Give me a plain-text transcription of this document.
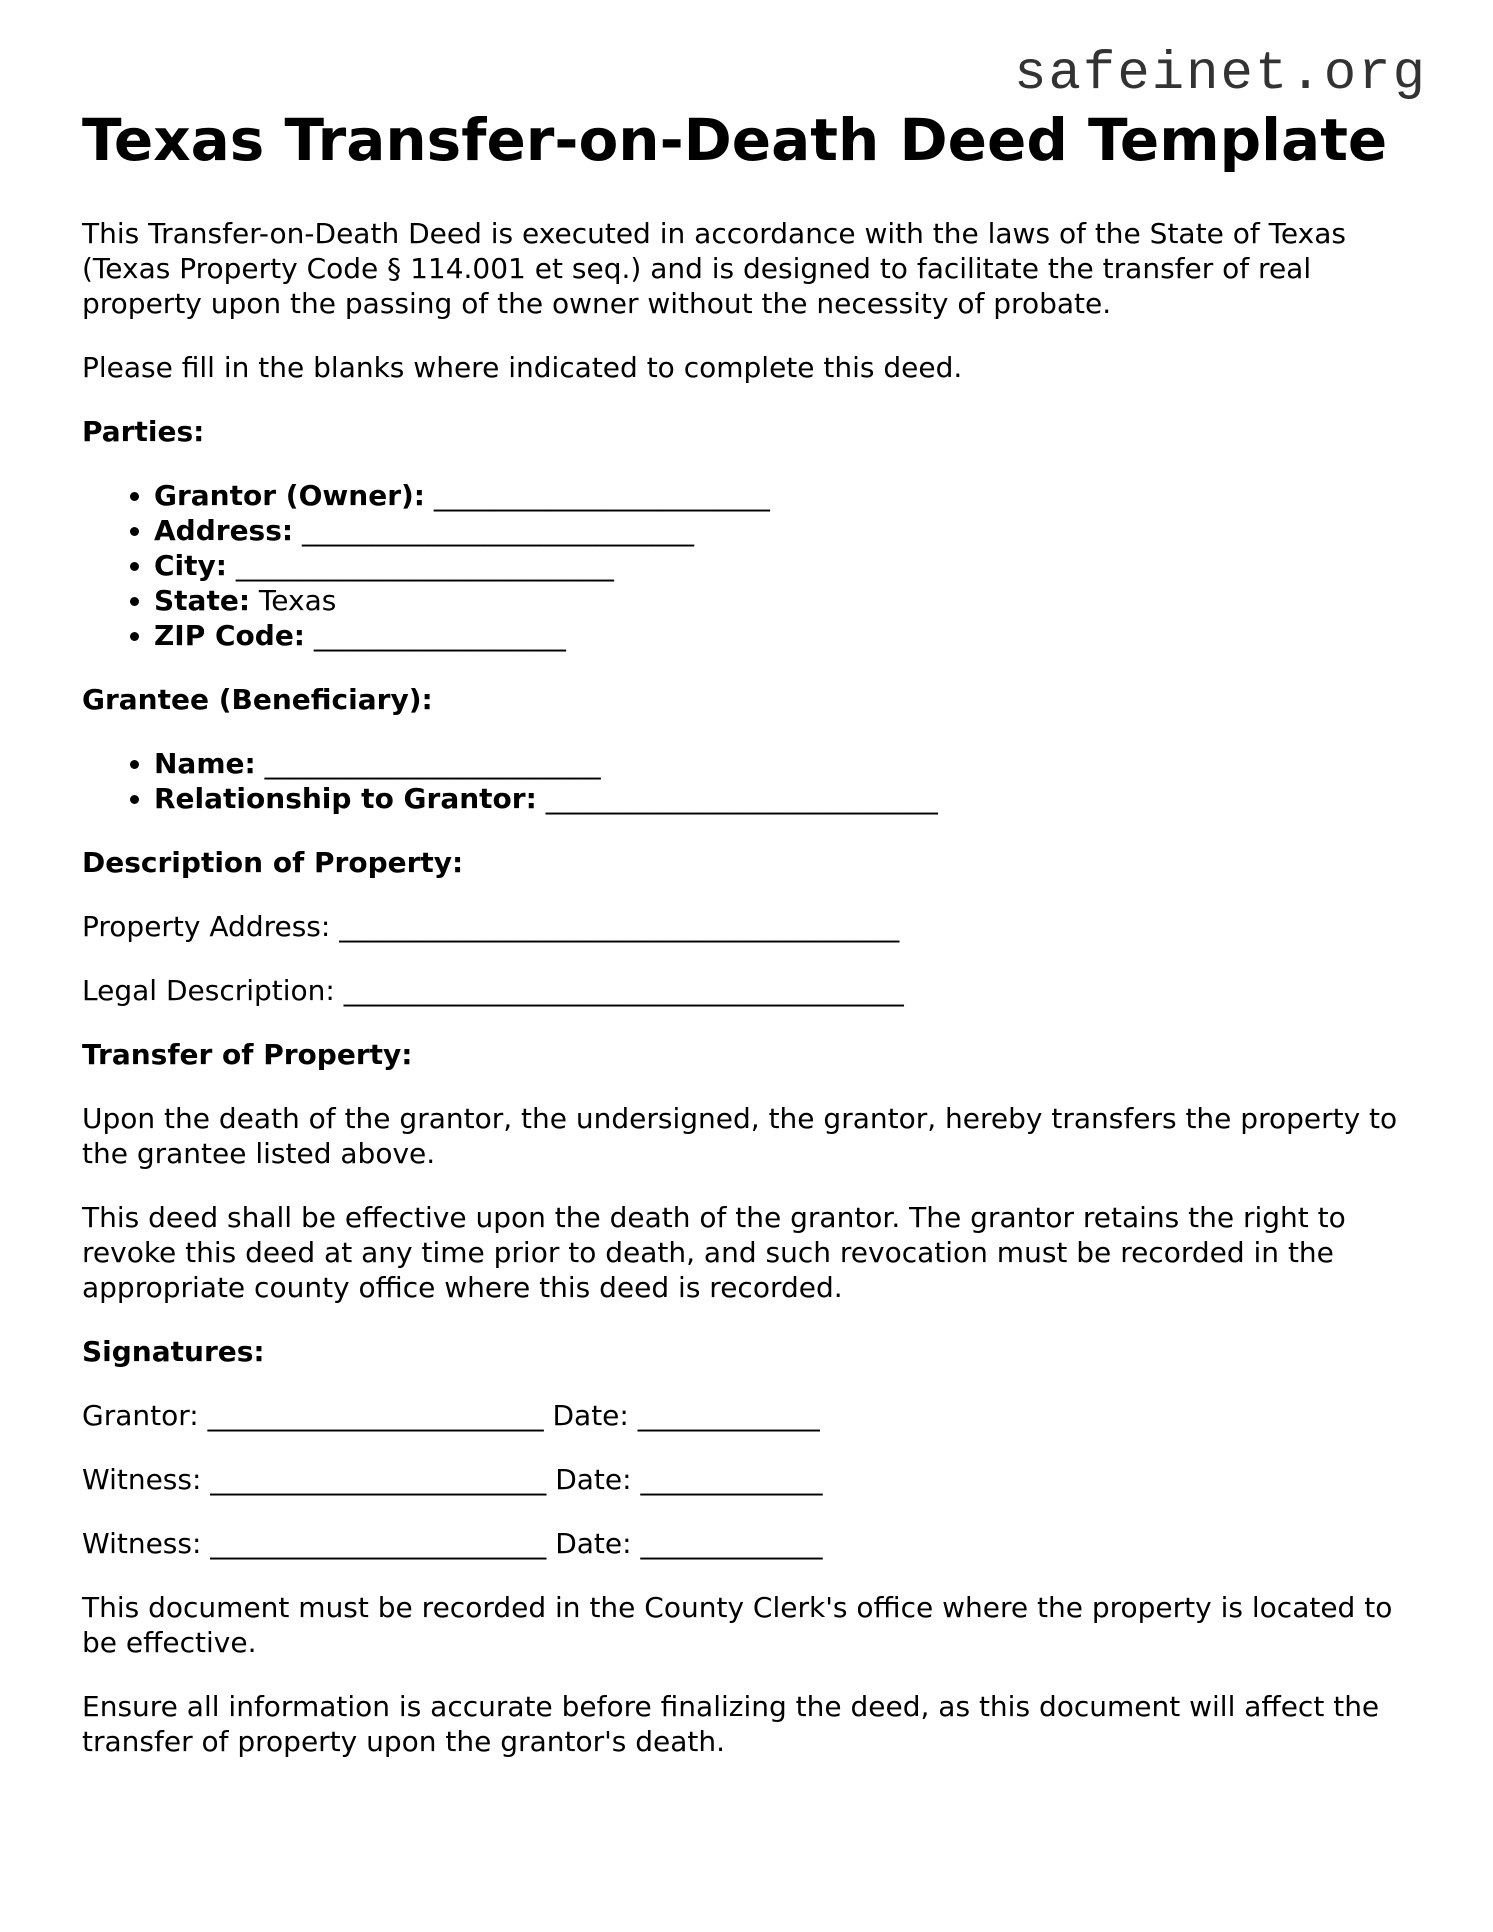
safeinet.org
Texas Transfer-on-Death Deed Template

This Transfer-on-Death Deed is executed in accordance with the laws of the State of Texas (Texas Property Code § 114.001 et seq.) and is designed to facilitate the transfer of real property upon the passing of the owner without the necessity of probate.

Please fill in the blanks where indicated to complete this deed.

Parties:

• Grantor (Owner): ________________________
• Address: ____________________________
• City: ___________________________
• State: Texas
• ZIP Code: __________________

Grantee (Beneficiary):

• Name: ________________________
• Relationship to Grantor: ____________________________

Description of Property:

Property Address: ________________________________________

Legal Description: ________________________________________

Transfer of Property:

Upon the death of the grantor, the undersigned, the grantor, hereby transfers the property to the grantee listed above.

This deed shall be effective upon the death of the grantor. The grantor retains the right to revoke this deed at any time prior to death, and such revocation must be recorded in the appropriate county office where this deed is recorded.

Signatures:

Grantor: ________________________ Date: _____________

Witness: ________________________ Date: _____________

Witness: ________________________ Date: _____________

This document must be recorded in the County Clerk's office where the property is located to be effective.

Ensure all information is accurate before finalizing the deed, as this document will affect the transfer of property upon the grantor's death.
